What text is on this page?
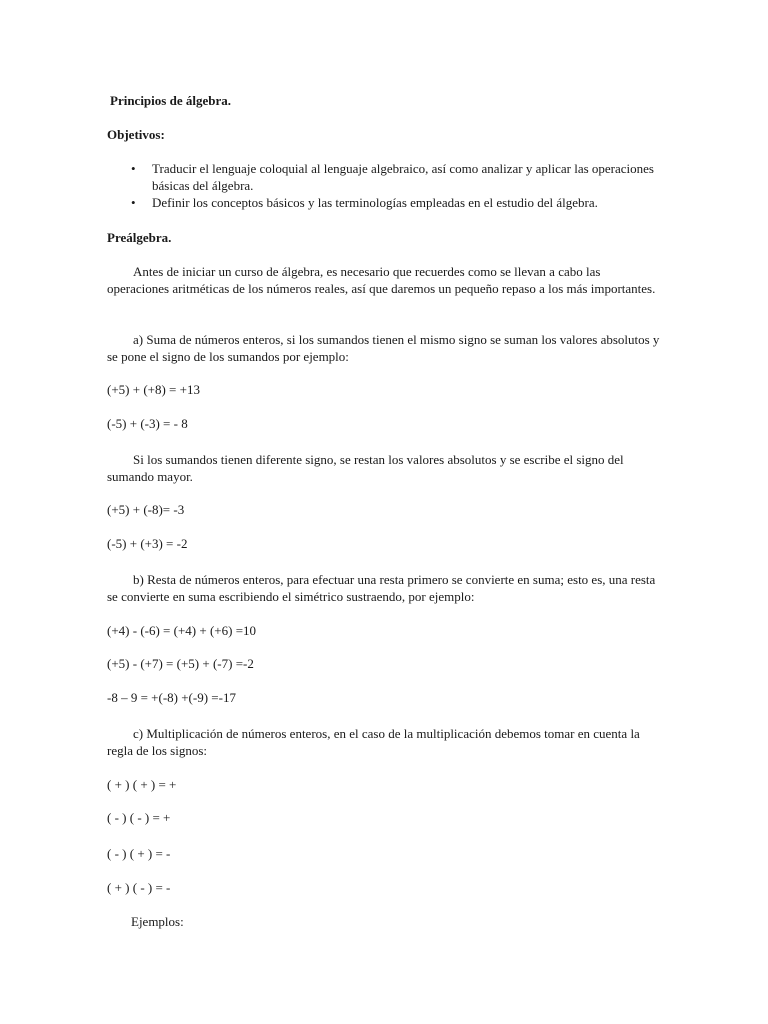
Principios de álgebra.
Objetivos:
• Traducir el lenguaje coloquial al lenguaje algebraico, así como analizar y aplicar las operaciones básicas del álgebra.
• Definir los conceptos básicos y las terminologías empleadas en el estudio del álgebra.
Preálgebra.
Antes de iniciar un curso de álgebra, es necesario que recuerdes como se llevan a cabo las operaciones aritméticas de los números reales, así que daremos un pequeño repaso a los más importantes.
a) Suma de números enteros, si los sumandos tienen el mismo signo se suman los valores absolutos y se pone el signo de los sumandos por ejemplo:
(+5) + (+8) = +13
(-5) + (-3) = - 8
Si los sumandos tienen diferente signo, se restan los valores absolutos y se escribe el signo del sumando mayor.
(+5) + (-8)= -3
(-5) + (+3) = -2
b) Resta de números enteros, para efectuar una resta primero se convierte en suma; esto es, una resta se convierte en suma escribiendo el simétrico sustraendo, por ejemplo:
(+4) - (-6) = (+4) + (+6) =10
(+5) - (+7) = (+5) + (-7) =-2
-8 – 9 = +(-8) +(-9) =-17
c) Multiplicación de números enteros, en el caso de la multiplicación debemos tomar en cuenta la regla de los signos:
( + ) ( + ) = +
( - ) ( - ) = +
( - ) ( + ) = -
( + ) ( - ) = -
Ejemplos:
